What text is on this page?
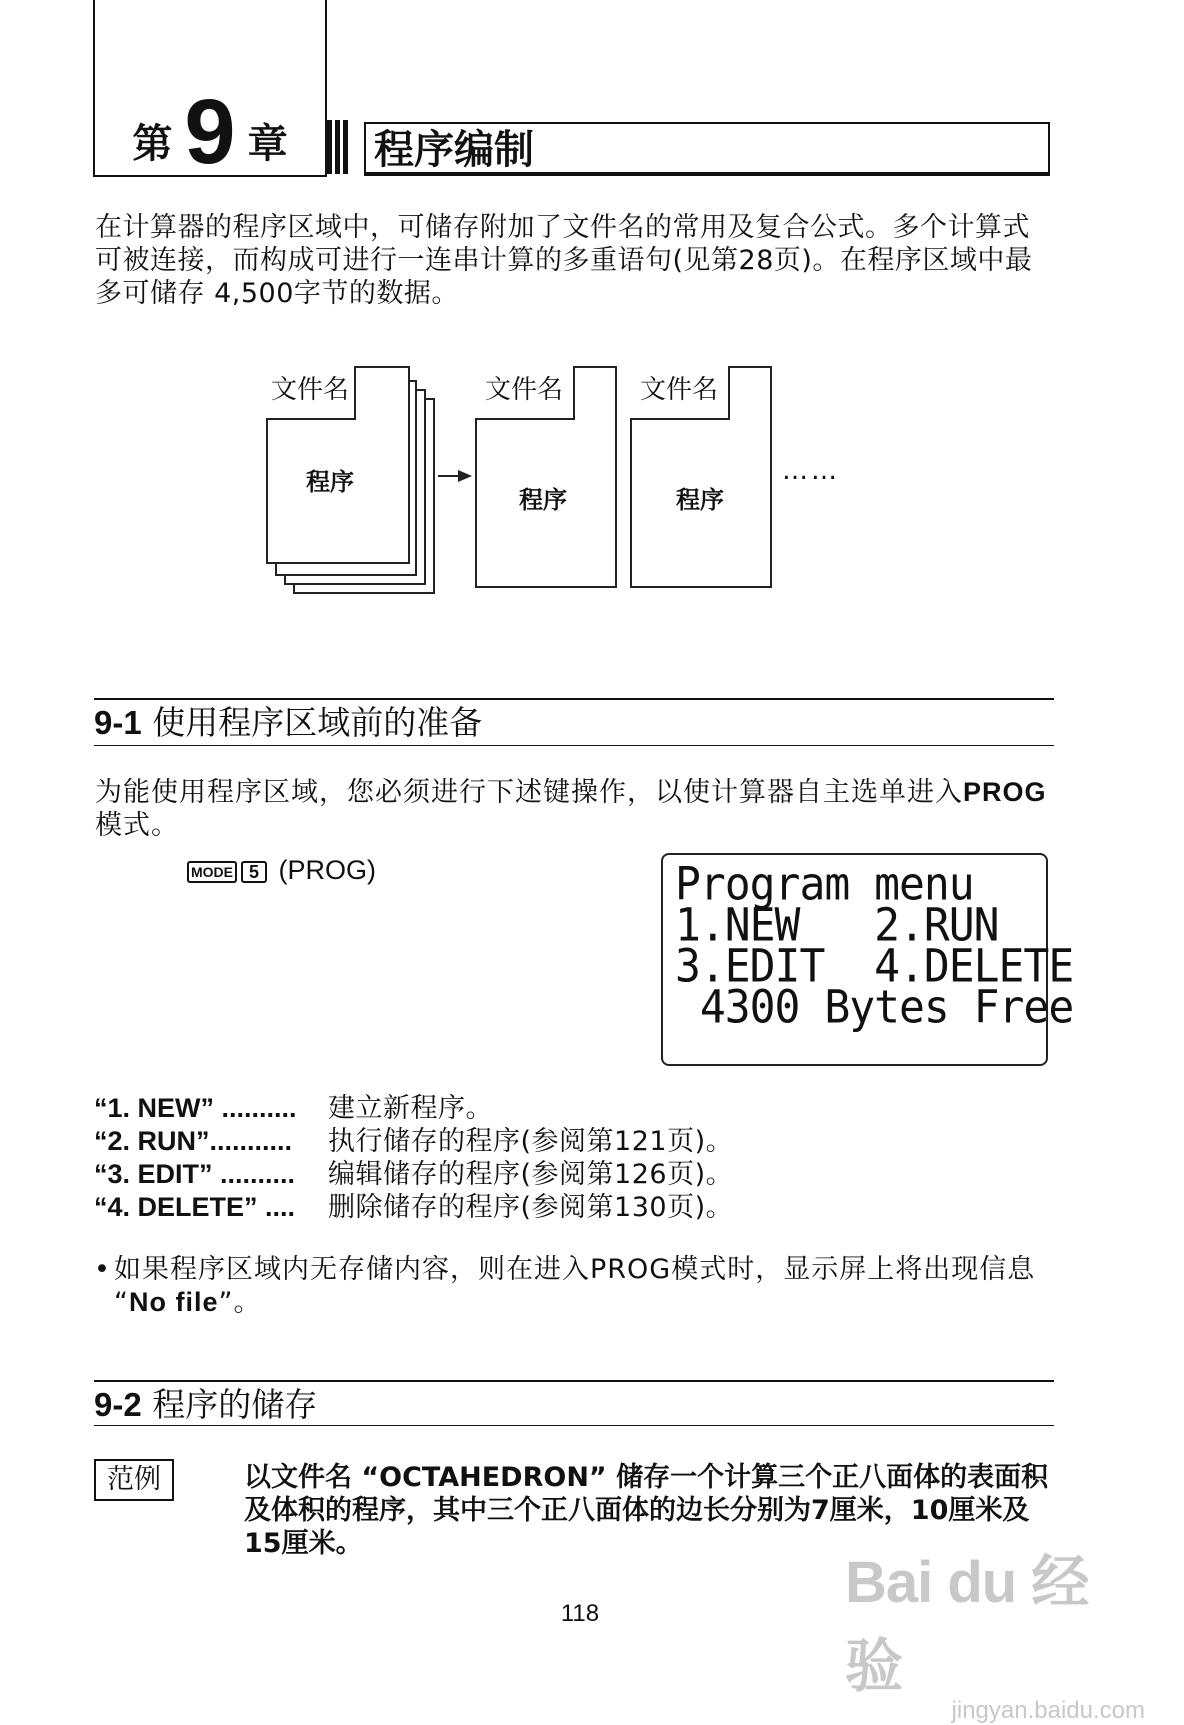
第 9 章 程序编制

在计算器的程序区域中，可储存附加了文件名的常用及复合公式。多个计算式可被连接，而构成可进行一连串计算的多重语句(见第28页)。在程序区域中最多可储存 4,500字节的数据。

文件名
程序
文件名
程序
文件名
程序
……
9-1 使用程序区域前的准备

为能使用程序区域，您必须进行下述键操作，以使计算器自主选单进入PROG 模式。

MODE 5 (PROG)	Program menu
1.NEW   2.RUN
3.EDIT  4.DELETE
4300 Bytes Free
“1. NEW” ..........	建立新程序。
“2. RUN”...........	执行储存的程序(参阅第121页)。
“3. EDIT” ..........	编辑储存的程序(参阅第126页)。
“4. DELETE” ....	删除储存的程序(参阅第130页)。
• 如果程序区域内无存储内容，则在进入PROG模式时，显示屏上将出现信息 “No file”。
9-2 程序的储存
范例	以文件名 “OCTAHEDRON” 储存一个计算三个正八面体的表面积及体积的程序，其中三个正八面体的边长分别为7厘米，10厘米及15厘米。

118	Bai du 经验
jingyan.baidu.com
